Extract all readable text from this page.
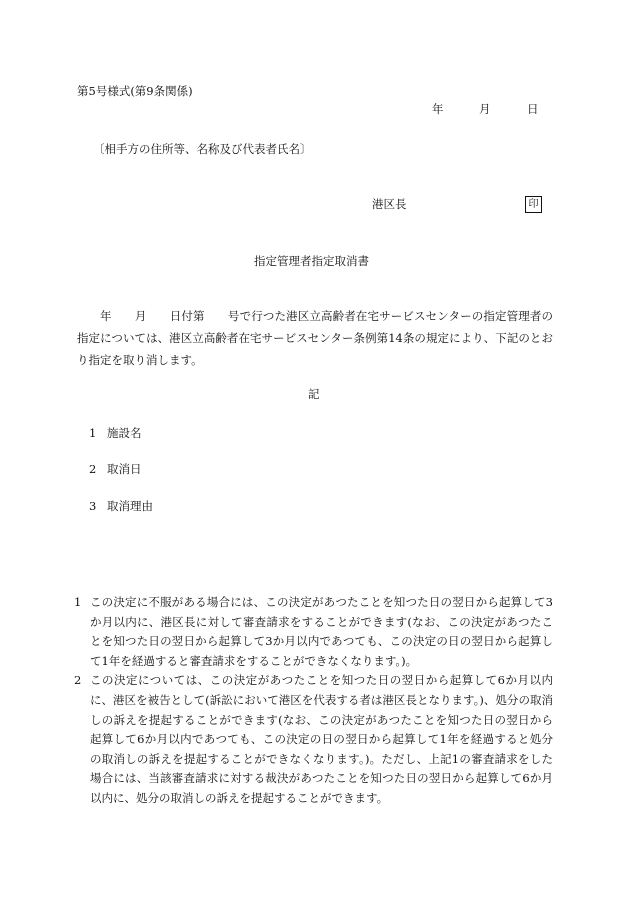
第5号様式(第9条関係)
年	月	日
〔相手方の住所等、名称及び代表者氏名〕
港区長	印
指定管理者指定取消書
年　　月　　日付第　　号で行つた港区立高齢者在宅サービスセンターの指定管理者の指定については、港区立高齢者在宅サービスセンター条例第14条の規定により、下記のとおり指定を取り消します。
記
1 施設名
2 取消日
3 取消理由
1 この決定に不服がある場合には、この決定があつたことを知つた日の翌日から起算して3か月以内に、港区長に対して審査請求をすることができます(なお、この決定があつたことを知つた日の翌日から起算して3か月以内であつても、この決定の日の翌日から起算して1年を経過すると審査請求をすることができなくなります。)。
2 この決定については、この決定があつたことを知つた日の翌日から起算して6か月以内に、港区を被告として(訴訟において港区を代表する者は港区長となります。)、処分の取消しの訴えを提起することができます(なお、この決定があつたことを知つた日の翌日から起算して6か月以内であつても、この決定の日の翌日から起算して1年を経過すると処分の取消しの訴えを提起することができなくなります。)。ただし、上記1の審査請求をした場合には、当該審査請求に対する裁決があつたことを知つた日の翌日から起算して6か月以内に、処分の取消しの訴えを提起することができます。
